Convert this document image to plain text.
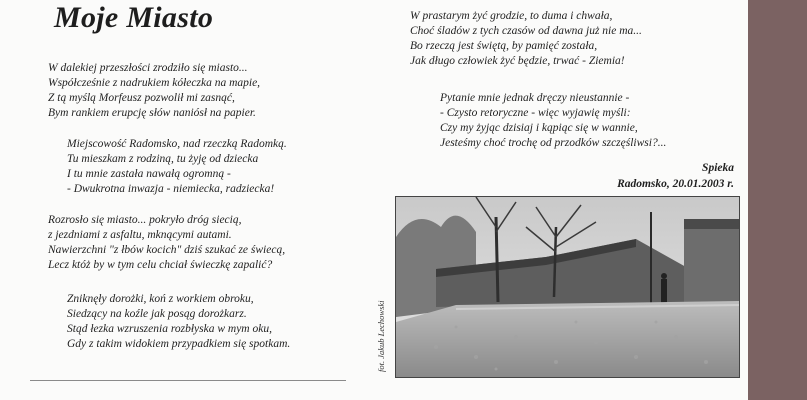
Moje Miasto
W dalekiej przeszłości zrodziło się miasto...
Współcześnie z nadrukiem kółeczka na mapie,
Z tą myślą Morfeusz pozwolił mi zasnąć,
Bym rankiem erupcję słów naniósł na papier.
Miejscowość Radomsko, nad rzeczką Radomką.
Tu mieszkam z rodziną, tu żyję od dziecka
I tu mnie zastała nawałą ogromną -
- Dwukrotna inwazja - niemiecka, radziecka!
Rozrosło się miasto... pokryło dróg siecią,
z jezdniami z asfaltu, mknącymi autami.
Nawierzchni "z łbów kocich" dziś szukać ze świecą,
Lecz któż by w tym celu chciał świeczkę zapalić?
Zniknęły dorożki, koń z workiem obroku,
Siedzący na koźle jak posąg dorożkarz.
Stąd łezka wzruszenia rozbłyska w mym oku,
Gdy z takim widokiem przypadkiem się spotkam.
W prastarym żyć grodzie, to duma i chwała,
Choć śladów z tych czasów od dawna już nie ma...
Bo rzeczą jest świętą, by pamięć została,
Jak długo człowiek żyć będzie, trwać - Ziemia!
Pytanie mnie jednak dręczy nieustannie -
- Czysto retoryczne - więc wyjawię myśli:
Czy my żyjąc dzisiaj i kąpiąc się w wannie,
Jesteśmy choć trochę od przodków szczęśliwsi?...
Spieka
Radomsko, 20.01.2003 r.
fot. Jakub Lechowski
